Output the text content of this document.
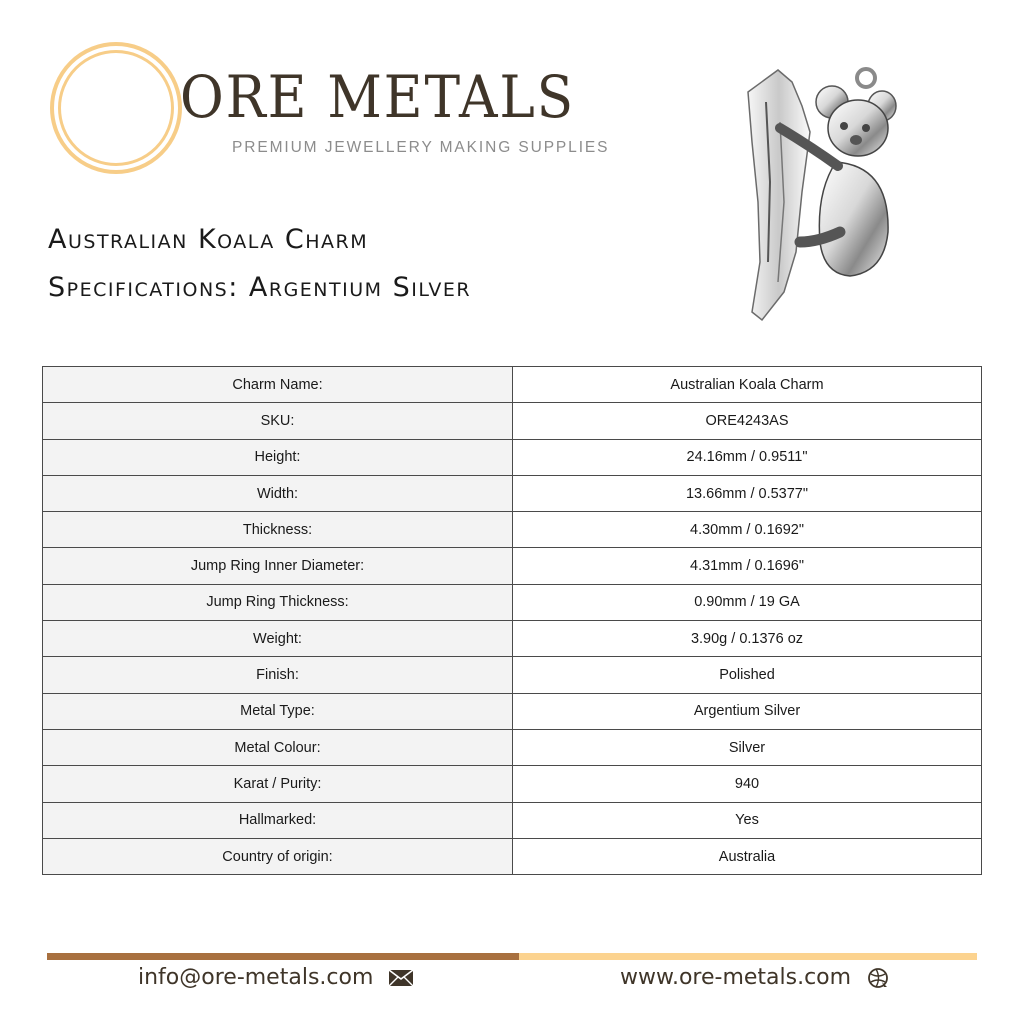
ORE METALS
PREMIUM JEWELLERY MAKING SUPPLIES
Australian Koala Charm
Specifications: Argentium Silver
Charm Name:	Australian Koala Charm
SKU:	ORE4243AS
Height:	24.16mm / 0.9511"
Width:	13.66mm / 0.5377"
Thickness:	4.30mm / 0.1692"
Jump Ring Inner Diameter:	4.31mm / 0.1696"
Jump Ring Thickness:	0.90mm / 19 GA
Weight:	3.90g / 0.1376 oz
Finish:	Polished
Metal Type:	Argentium Silver
Metal Colour:	Silver
Karat / Purity:	940
Hallmarked:	Yes
Country of origin:	Australia
info@ore-metals.com	www.ore-metals.com
